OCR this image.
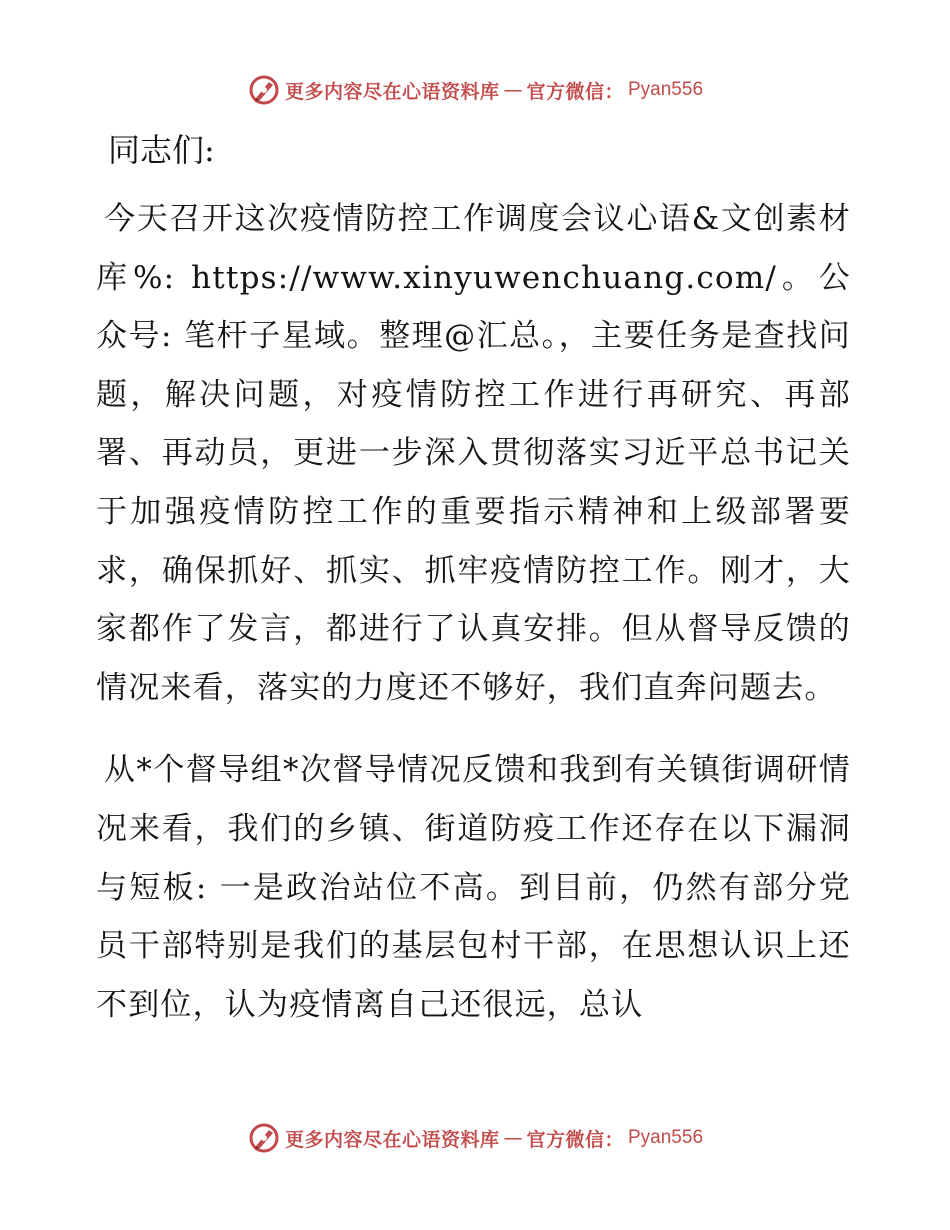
更多内容尽在心语资料库 — 官方微信： Pyan556
同志们:

今天召开这次疫情防控工作调度会议心语&文创素材库%: https://www.xinyuwenchuang.com/。公众号: 笔杆子星域。整理@汇总。，主要任务是查找问题，解决问题，对疫情防控工作进行再研究、再部署、再动员，更进一步深入贯彻落实习近平总书记关于加强疫情防控工作的重要指示精神和上级部署要求，确保抓好、抓实、抓牢疫情防控工作。刚才，大家都作了发言，都进行了认真安排。但从督导反馈的情况来看，落实的力度还不够好，我们直奔问题去。

从*个督导组*次督导情况反馈和我到有关镇街调研情况来看，我们的乡镇、街道防疫工作还存在以下漏洞与短板: 一是政治站位不高。到目前，仍然有部分党员干部特别是我们的基层包村干部，在思想认识上还不到位，认为疫情离自己还很远，总认

更多内容尽在心语资料库 — 官方微信： Pyan556
